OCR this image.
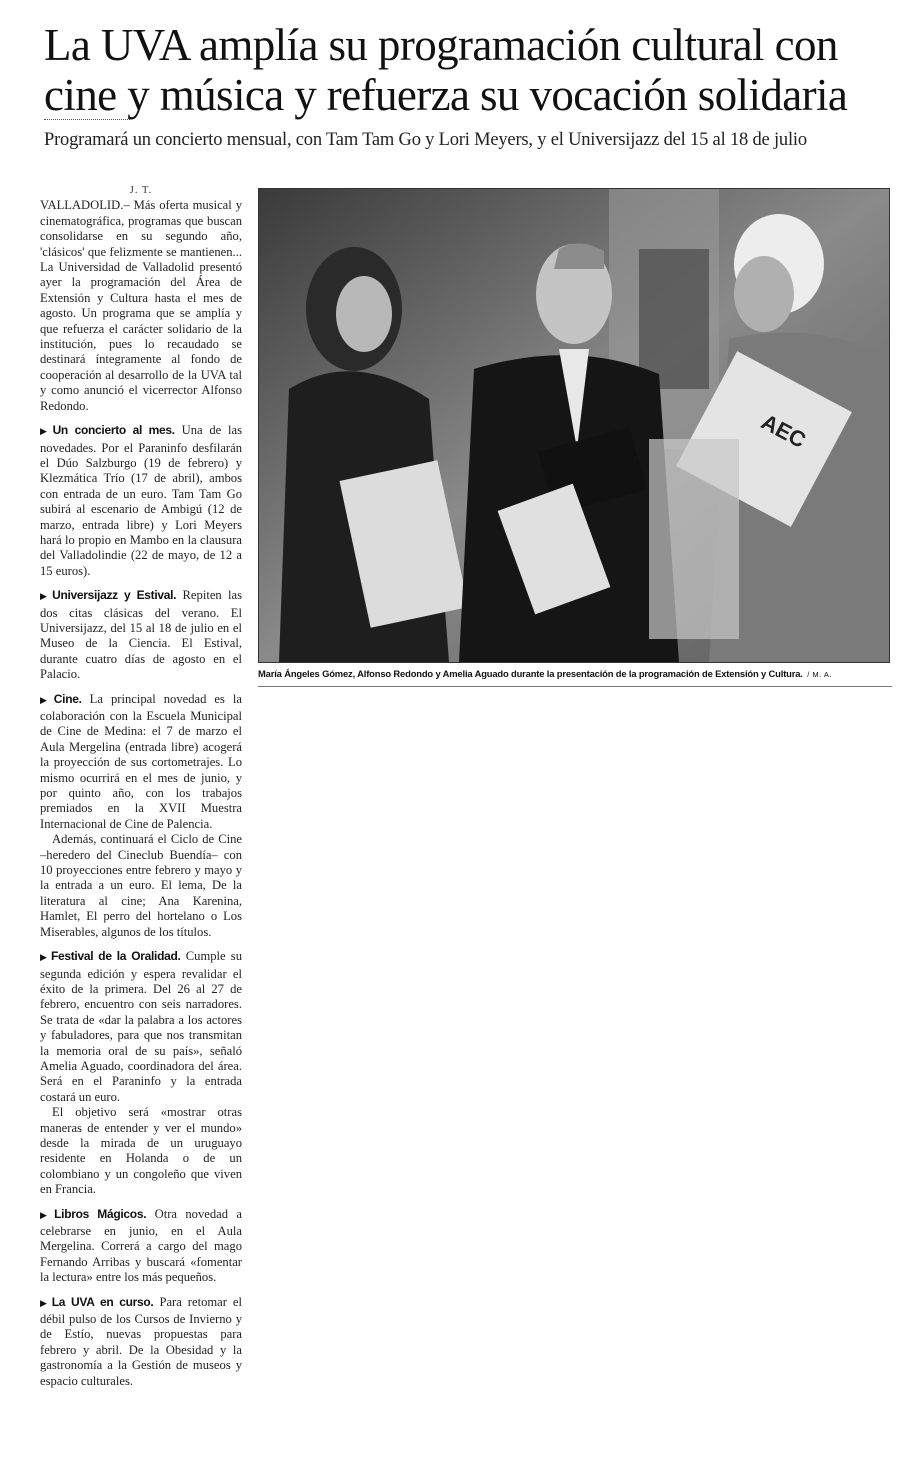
La UVA amplía su programación cultural con
cine y música y refuerza su vocación solidaria

Programará un concierto mensual, con Tam Tam Go y Lori Meyers, y el Universijazz del 15 al 18 de julio

J. T.

VALLADOLID.– Más oferta musical y cinematográfica, programas que buscan consolidarse en su segundo año, 'clásicos' que felizmente se mantienen... La Universidad de Valladolid presentó ayer la programación del Área de Extensión y Cultura hasta el mes de agosto. Un programa que se amplía y que refuerza el carácter solidario de la institución, pues lo recaudado se destinará íntegramente al fondo de cooperación al desarrollo de la UVA tal y como anunció el vicerrector Alfonso Redondo.

▶ Un concierto al mes. Una de las novedades. Por el Paraninfo desfilarán el Dúo Salzburgo (19 de febrero) y Klezmática Trío (17 de abril), ambos con entrada de un euro. Tam Tam Go subirá al escenario de Ambigú (12 de marzo, entrada libre) y Lori Meyers hará lo propio en Mambo en la clausura del Valladolindie (22 de mayo, de 12 a 15 euros).

▶ Universijazz y Estival. Repiten las dos citas clásicas del verano. El Universijazz, del 15 al 18 de julio en el Museo de la Ciencia. El Estival, durante cuatro días de agosto en el Palacio.

▶ Cine. La principal novedad es la colaboración con la Escuela Municipal de Cine de Medina: el 7 de marzo el Aula Mergelina (entrada libre) acogerá la proyección de sus cortometrajes. Lo mismo ocurrirá en el mes de junio, y por quinto año, con los trabajos premiados en la XVII Muestra Internacional de Cine de Palencia.

Además, continuará el Ciclo de Cine –heredero del Cineclub Buendía– con 10 proyecciones entre febrero y mayo y la entrada a un euro. El lema, De la literatura al cine; Ana Karenina, Hamlet, El perro del hortelano o Los Miserables, algunos de los títulos.

▶ Festival de la Oralidad. Cumple su segunda edición y espera revalidar el éxito de la primera. Del 26 al 27 de febrero, encuentro con seis narradores. Se trata de «dar la palabra a los actores y fabuladores, para que nos transmitan la memoria oral de su país», señaló Amelia Aguado, coordinadora del área. Será en el Paraninfo y la entrada costará un euro.

El objetivo será «mostrar otras maneras de entender y ver el mundo» desde la mirada de un uruguayo residente en Holanda o de un colombiano y un congoleño que viven en Francia.

▶ Libros Mágicos. Otra novedad a celebrarse en junio, en el Aula Mergelina. Correrá a cargo del mago Fernando Arribas y buscará «fomentar la lectura» entre los más pequeños.

▶ La UVA en curso. Para retomar el débil pulso de los Cursos de Invierno y de Estío, nuevas propuestas para febrero y abril. De la Obesidad y la gastronomía a la Gestión de museos y espacio culturales.

AEC
María Ángeles Gómez, Alfonso Redondo y Amelia Aguado durante la presentación de la programación de Extensión y Cultura. / M. A.
